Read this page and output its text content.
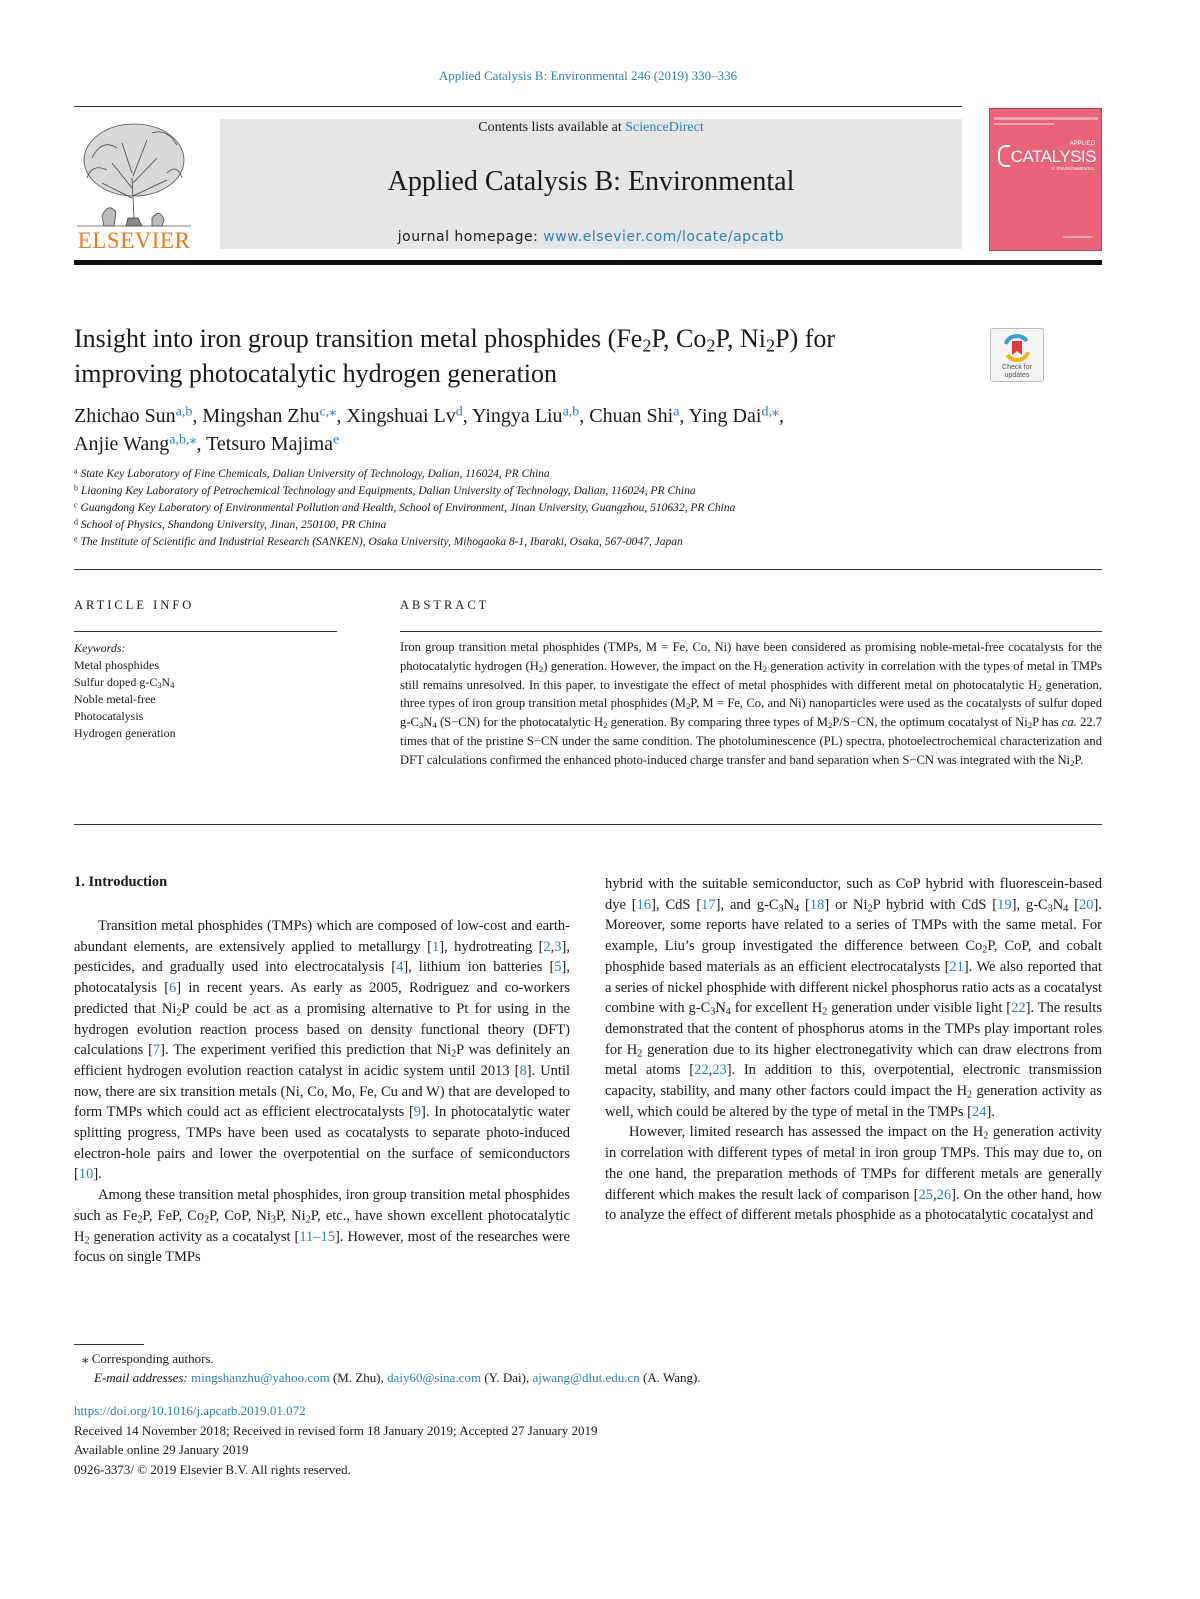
Applied Catalysis B: Environmental 246 (2019) 330–336
ELSEVIER
Contents lists available at ScienceDirect
Applied Catalysis B: Environmental
journal homepage: www.elsevier.com/locate/apcatb
APPLIED
CATALYSIS
B: ENVIRONMENTAL
Insight into iron group transition metal phosphides ($Fe_2P$, $Co_2P$, $Ni_2P$) for
improving photocatalytic hydrogen generation	Check for
updates
Zhichao Sun$^{a,b}$, Mingshan Zhu$^{c,⁎}$, Xingshuai Lv$^d$, Yingya Liu$^{a,b}$, Chuan Shi$^a$, Ying Dai$^{d,⁎}$,
Anjie Wang$^{a,b,⁎}$, Tetsuro Majima$^e$
$^a$ State Key Laboratory of Fine Chemicals, Dalian University of Technology, Dalian, 116024, PR China
$^b$ Liaoning Key Laboratory of Petrochemical Technology and Equipments, Dalian University of Technology, Dalian, 116024, PR China
$^c$ Guangdong Key Laboratory of Environmental Pollution and Health, School of Environment, Jinan University, Guangzhou, 510632, PR China
$^d$ School of Physics, Shandong University, Jinan, 250100, PR China
$^e$ The Institute of Scientific and Industrial Research (SANKEN), Osaka University, Mihogaoka 8-1, Ibaraki, Osaka, 567-0047, Japan
ARTICLE INFO	ABSTRACT
Keywords:
Metal phosphides
Sulfur doped $g-C_3N_4$
Noble metal-free
Photocatalysis
Hydrogen generation
Iron group transition metal phosphides (TMPs, M = Fe, Co, Ni) have been considered as promising noble-metal-free cocatalysts for the photocatalytic hydrogen $(H_2)$ generation. However, the impact on the $H_2$ generation activity in correlation with the types of metal in TMPs still remains unresolved. In this paper, to investigate the effect of metal phosphides with different metal on photocatalytic $H_2$ generation, three types of iron group transition metal phosphides ($M_2P$, M = Fe, Co, and Ni) nanoparticles were used as the cocatalysts of sulfur doped $g-C_3N_4$ (S−CN) for the photocatalytic $H_2$ generation. By comparing three types of $M_2P/S-CN$, the optimum cocatalyst of $Ni_2P$ has ca. 22.7 times that of the pristine S−CN under the same condition. The photoluminescence (PL) spectra, photoelectrochemical characterization and DFT calculations confirmed the enhanced photo-induced charge transfer and band separation when S−CN was integrated with the $Ni_2P$.
1. Introduction

Transition metal phosphides (TMPs) which are composed of low-cost and earth-abundant elements, are extensively applied to metallurgy [1], hydrotreating [2,3], pesticides, and gradually used into electrocatalysis [4], lithium ion batteries [5], photocatalysis [6] in recent years. As early as 2005, Rodriguez and co-workers predicted that $Ni_2P$ could be act as a promising alternative to Pt for using in the hydrogen evolution reaction process based on density functional theory (DFT) calculations [7]. The experiment verified this prediction that $Ni_2P$ was definitely an efficient hydrogen evolution reaction catalyst in acidic system until 2013 [8]. Until now, there are six transition metals (Ni, Co, Mo, Fe, Cu and W) that are developed to form TMPs which could act as efficient electrocatalysts [9]. In photocatalytic water splitting progress, TMPs have been used as cocatalysts to separate photo-induced electron-hole pairs and lower the overpotential on the surface of semiconductors [10].

Among these transition metal phosphides, iron group transition metal phosphides such as $Fe_2P$, FeP, $Co_2P$, CoP, $Ni_3P$, $Ni_2P$, etc., have shown excellent photocatalytic $H_2$ generation activity as a cocatalyst [11–15]. However, most of the researches were focus on single TMPs

hybrid with the suitable semiconductor, such as CoP hybrid with fluorescein-based dye [16], CdS [17], and $g-C_3N_4$ [18] or $Ni_2P$ hybrid with CdS [19], $g-C_3N_4$ [20]. Moreover, some reports have related to a series of TMPs with the same metal. For example, Liu’s group investigated the difference between $Co_2P$, CoP, and cobalt phosphide based materials as an efficient electrocatalysts [21]. We also reported that a series of nickel phosphide with different nickel phosphorus ratio acts as a cocatalyst combine with $g-C_3N_4$ for excellent $H_2$ generation under visible light [22]. The results demonstrated that the content of phosphorus atoms in the TMPs play important roles for $H_2$ generation due to its higher electronegativity which can draw electrons from metal atoms [22,23]. In addition to this, overpotential, electronic transmission capacity, stability, and many other factors could impact the $H_2$ generation activity as well, which could be altered by the type of metal in the TMPs [24].

However, limited research has assessed the impact on the $H_2$ generation activity in correlation with different types of metal in iron group TMPs. This may due to, on the one hand, the preparation methods of TMPs for different metals are generally different which makes the result lack of comparison [25,26]. On the other hand, how to analyze the effect of different metals phosphide as a photocatalytic cocatalyst and

⁎ Corresponding authors.
E-mail addresses: mingshanzhu@yahoo.com (M. Zhu), daiy60@sina.com (Y. Dai), ajwang@dlut.edu.cn (A. Wang).
https://doi.org/10.1016/j.apcatb.2019.01.072
Received 14 November 2018; Received in revised form 18 January 2019; Accepted 27 January 2019
Available online 29 January 2019
0926-3373/ © 2019 Elsevier B.V. All rights reserved.
